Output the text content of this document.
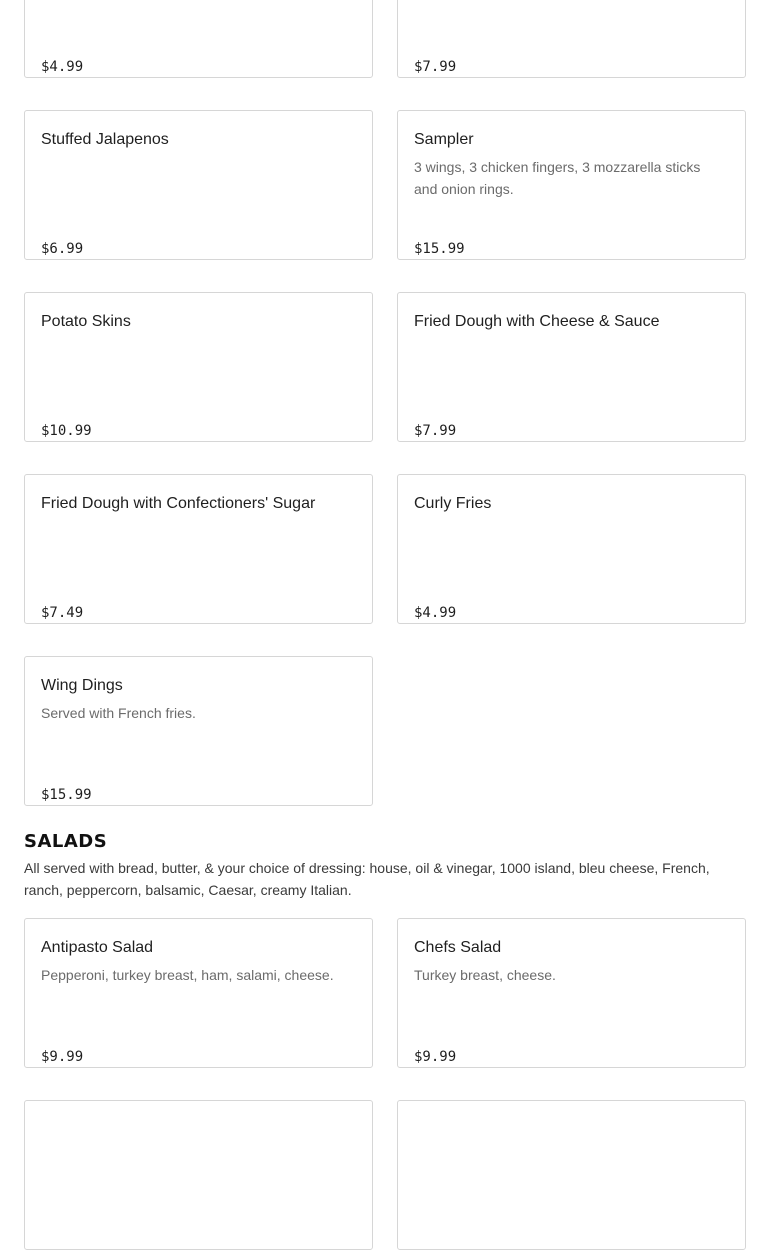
$4.99	$7.99
Stuffed Jalapenos
$6.99
Sampler
3 wings, 3 chicken fingers, 3 mozzarella sticks and onion rings.
$15.99
Potato Skins
$10.99
Fried Dough with Cheese & Sauce
$7.99
Fried Dough with Confectioners' Sugar
$7.49
Curly Fries
$4.99
Wing Dings
Served with French fries.
$15.99
SALADS
All served with bread, butter, & your choice of dressing: house, oil & vinegar, 1000 island, bleu cheese, French, ranch, peppercorn, balsamic, Caesar, creamy Italian.
Antipasto Salad
Pepperoni, turkey breast, ham, salami, cheese.
$9.99
Chefs Salad
Turkey breast, cheese.
$9.99
